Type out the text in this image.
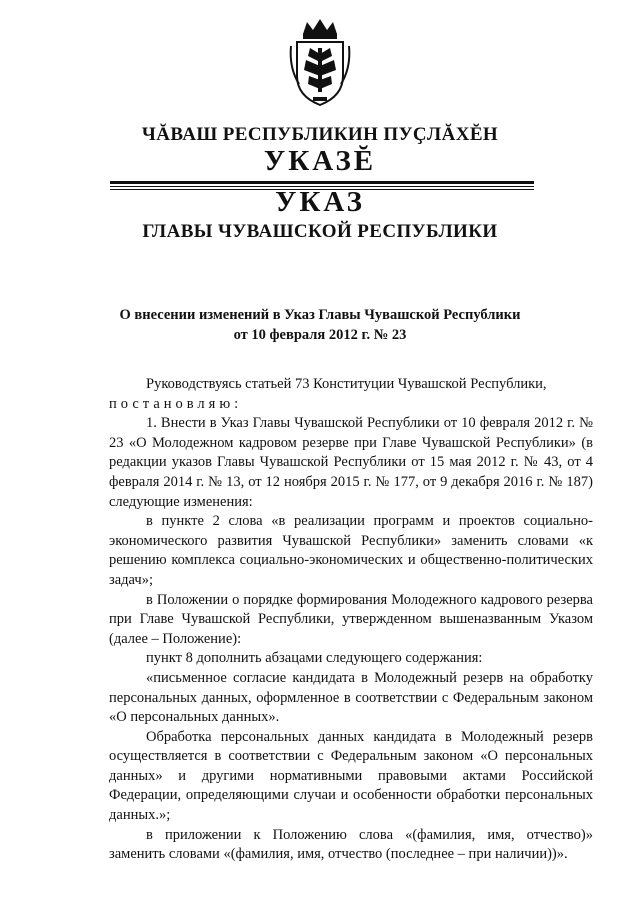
ЧĂВАШ РЕСПУБЛИКИН ПУҪЛĂХĔН
УКАЗĔ
УКАЗ
ГЛАВЫ ЧУВАШСКОЙ РЕСПУБЛИКИ
О внесении изменений в Указ Главы Чувашской Республики
от 10 февраля 2012 г. № 23

Руководствуясь статьей 73 Конституции Чувашской Республики,

постановляю:

1. Внести в Указ Главы Чувашской Республики от 10 февраля 2012 г. № 23 «О Молодежном кадровом резерве при Главе Чувашской Республики» (в редакции указов Главы Чувашской Республики от 15 мая 2012 г. № 43, от 4 февраля 2014 г. № 13, от 12 ноября 2015 г. № 177, от 9 декабря 2016 г. № 187) следующие изменения:

в пункте 2 слова «в реализации программ и проектов социально-экономического развития Чувашской Республики» заменить словами «к решению комплекса социально-экономических и общественно-политических задач»;

в Положении о порядке формирования Молодежного кадрового резерва при Главе Чувашской Республики, утвержденном вышеназванным Указом (далее – Положение):

пункт 8 дополнить абзацами следующего содержания:

«письменное согласие кандидата в Молодежный резерв на обработку персональных данных, оформленное в соответствии с Федеральным законом «О персональных данных».

Обработка персональных данных кандидата в Молодежный резерв осуществляется в соответствии с Федеральным законом «О персональных данных» и другими нормативными правовыми актами Российской Федерации, определяющими случаи и особенности обработки персональных данных.»;

в приложении к Положению слова «(фамилия, имя, отчество)» заменить словами «(фамилия, имя, отчество (последнее – при наличии))».
